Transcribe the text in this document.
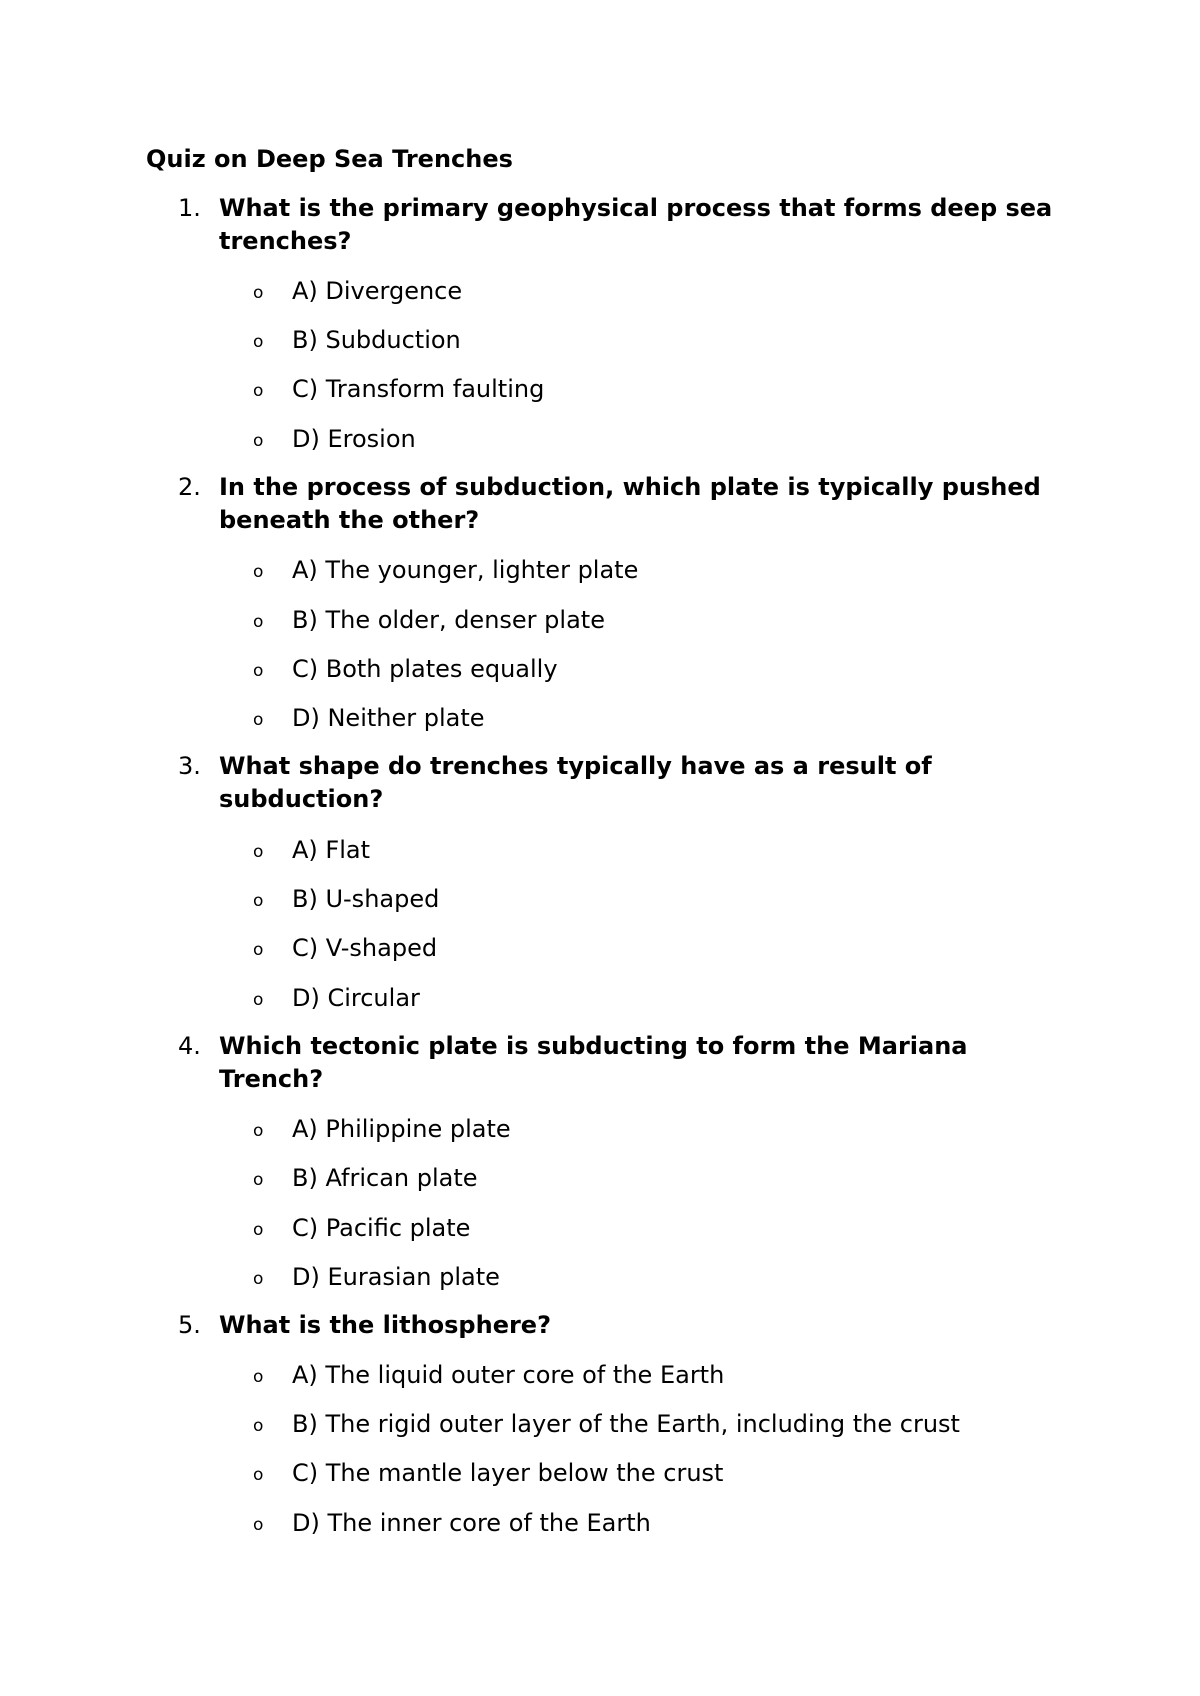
Quiz on Deep Sea Trenches
1. What is the primary geophysical process that forms deep sea trenches?
o A) Divergence
o B) Subduction
o C) Transform faulting
o D) Erosion
2. In the process of subduction, which plate is typically pushed beneath the other?
o A) The younger, lighter plate
o B) The older, denser plate
o C) Both plates equally
o D) Neither plate
3. What shape do trenches typically have as a result of subduction?
o A) Flat
o B) U-shaped
o C) V-shaped
o D) Circular
4. Which tectonic plate is subducting to form the Mariana Trench?
o A) Philippine plate
o B) African plate
o C) Pacific plate
o D) Eurasian plate
5. What is the lithosphere?
o A) The liquid outer core of the Earth
o B) The rigid outer layer of the Earth, including the crust
o C) The mantle layer below the crust
o D) The inner core of the Earth
